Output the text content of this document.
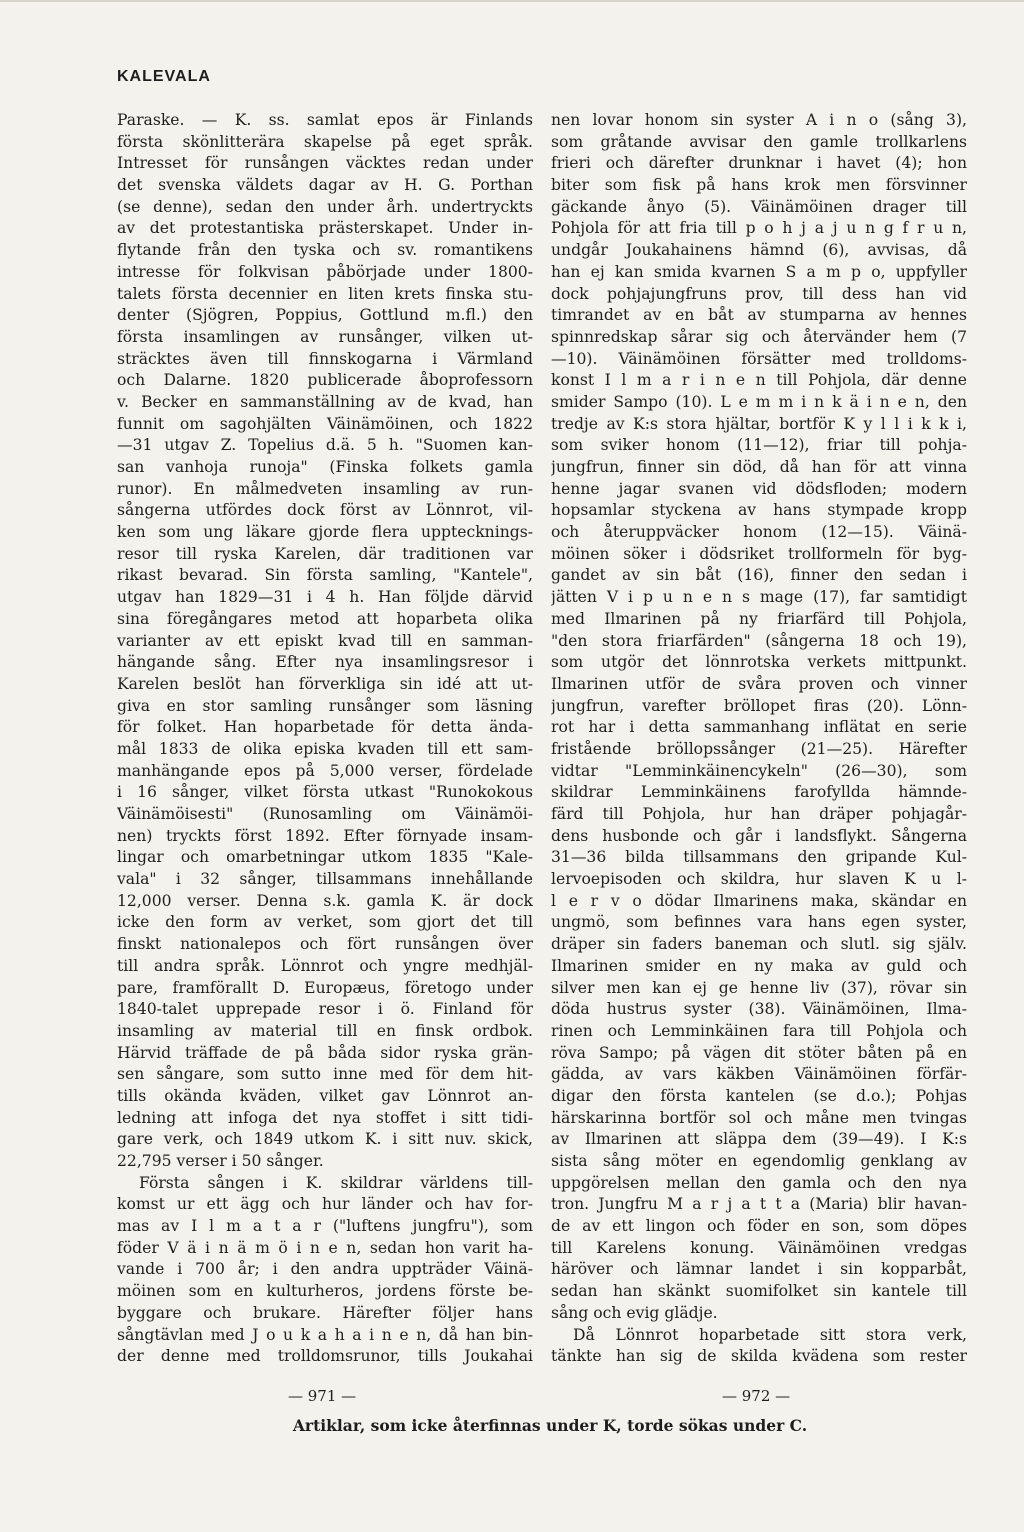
KALEVALA
Paraske. — K. ss. samlat epos är Finlands
första skönlitterära skapelse på eget språk.
Intresset för runsången väcktes redan under
det svenska väldets dagar av H. G. Porthan
(se denne), sedan den under årh. undertryckts
av det protestantiska prästerskapet. Under in-
flytande från den tyska och sv. romantikens
intresse för folkvisan påbörjade under 1800-
talets första decennier en liten krets finska stu-
denter (Sjögren, Poppius, Gottlund m.fl.) den
första insamlingen av runsånger, vilken ut-
sträcktes även till finnskogarna i Värmland
och Dalarne. 1820 publicerade åboprofessorn
v. Becker en sammanställning av de kvad, han
funnit om sagohjälten Väinämöinen, och 1822
—31 utgav Z. Topelius d.ä. 5 h. "Suomen kan-
san vanhoja runoja" (Finska folkets gamla
runor). En målmedveten insamling av run-
sångerna utfördes dock först av Lönnrot, vil-
ken som ung läkare gjorde flera upptecknings-
resor till ryska Karelen, där traditionen var
rikast bevarad. Sin första samling, "Kantele",
utgav han 1829—31 i 4 h. Han följde därvid
sina föregångares metod att hoparbeta olika
varianter av ett episkt kvad till en samman-
hängande sång. Efter nya insamlingsresor i
Karelen beslöt han förverkliga sin idé att ut-
giva en stor samling runsånger som läsning
för folket. Han hoparbetade för detta ända-
mål 1833 de olika episka kvaden till ett sam-
manhängande epos på 5,000 verser, fördelade
i 16 sånger, vilket första utkast "Runokokous
Väinämöisesti" (Runosamling om Väinämöi-
nen) tryckts först 1892. Efter förnyade insam-
lingar och omarbetningar utkom 1835 "Kale-
vala" i 32 sånger, tillsammans innehållande
12,000 verser. Denna s.k. gamla K. är dock
icke den form av verket, som gjort det till
finskt nationalepos och fört runsången över
till andra språk. Lönnrot och yngre medhjäl-
pare, framförallt D. Europæus, företogo under
1840-talet upprepade resor i ö. Finland för
insamling av material till en finsk ordbok.
Härvid träffade de på båda sidor ryska grän-
sen sångare, som sutto inne med för dem hit-
tills okända kväden, vilket gav Lönnrot an-
ledning att infoga det nya stoffet i sitt tidi-
gare verk, och 1849 utkom K. i sitt nuv. skick,
22,795 verser i 50 sånger.
Första sången i K. skildrar världens till-
komst ur ett ägg och hur länder och hav for-
mas av I l m a t a r ("luftens jungfru"), som
föder V ä i n ä m ö i n e n, sedan hon varit ha-
vande i 700 år; i den andra uppträder Väinä-
möinen som en kulturheros, jordens förste be-
byggare och brukare. Härefter följer hans
sångtävlan med J o u k a h a i n e n, då han bin-
der denne med trolldomsrunor, tills Joukahai
nen lovar honom sin syster A i n o (sång 3),
som gråtande avvisar den gamle trollkarlens
frieri och därefter drunknar i havet (4); hon
biter som fisk på hans krok men försvinner
gäckande ånyo (5). Väinämöinen drager till
Pohjola för att fria till p o h j a j u n g f r u n,
undgår Joukahainens hämnd (6), avvisas, då
han ej kan smida kvarnen S a m p o, uppfyller
dock pohjajungfruns prov, till dess han vid
timrandet av en båt av stumparna av hennes
spinnredskap sårar sig och återvänder hem (7
—10). Väinämöinen försätter med trolldoms-
konst I l m a r i n e n till Pohjola, där denne
smider Sampo (10). L e m m i n k ä i n e n, den
tredje av K:s stora hjältar, bortför K y l l i k k i,
som sviker honom (11—12), friar till pohja-
jungfrun, finner sin död, då han för att vinna
henne jagar svanen vid dödsfloden; modern
hopsamlar styckena av hans stympade kropp
och återuppväcker honom (12—15). Väinä-
möinen söker i dödsriket trollformeln för byg-
gandet av sin båt (16), finner den sedan i
jätten V i p u n e n s mage (17), far samtidigt
med Ilmarinen på ny friarfärd till Pohjola,
"den stora friarfärden" (sångerna 18 och 19),
som utgör det lönnrotska verkets mittpunkt.
Ilmarinen utför de svåra proven och vinner
jungfrun, varefter bröllopet firas (20). Lönn-
rot har i detta sammanhang inflätat en serie
fristående bröllopssånger (21—25). Härefter
vidtar "Lemminkäinencykeln" (26—30), som
skildrar Lemminkäinens farofyllda hämnde-
färd till Pohjola, hur han dräper pohjagår-
dens husbonde och går i landsflykt. Sångerna
31—36 bilda tillsammans den gripande Kul-
lervoepisoden och skildra, hur slaven K u l-
l e r v o dödar Ilmarinens maka, skändar en
ungmö, som befinnes vara hans egen syster,
dräper sin faders baneman och slutl. sig själv.
Ilmarinen smider en ny maka av guld och
silver men kan ej ge henne liv (37), rövar sin
döda hustrus syster (38). Väinämöinen, Ilma-
rinen och Lemminkäinen fara till Pohjola och
röva Sampo; på vägen dit stöter båten på en
gädda, av vars käkben Väinämöinen förfär-
digar den första kantelen (se d.o.); Pohjas
härskarinna bortför sol och måne men tvingas
av Ilmarinen att släppa dem (39—49). I K:s
sista sång möter en egendomlig genklang av
uppgörelsen mellan den gamla och den nya
tron. Jungfru M a r j a t t a (Maria) blir havan-
de av ett lingon och föder en son, som döpes
till Karelens konung. Väinämöinen vredgas
häröver och lämnar landet i sin kopparbåt,
sedan han skänkt suomifolket sin kantele till
sång och evig glädje.
Då Lönnrot hoparbetade sitt stora verk,
tänkte han sig de skilda kvädena som rester
— 971 —	— 972 —
Artiklar, som icke återfinnas under K, torde sökas under C.
